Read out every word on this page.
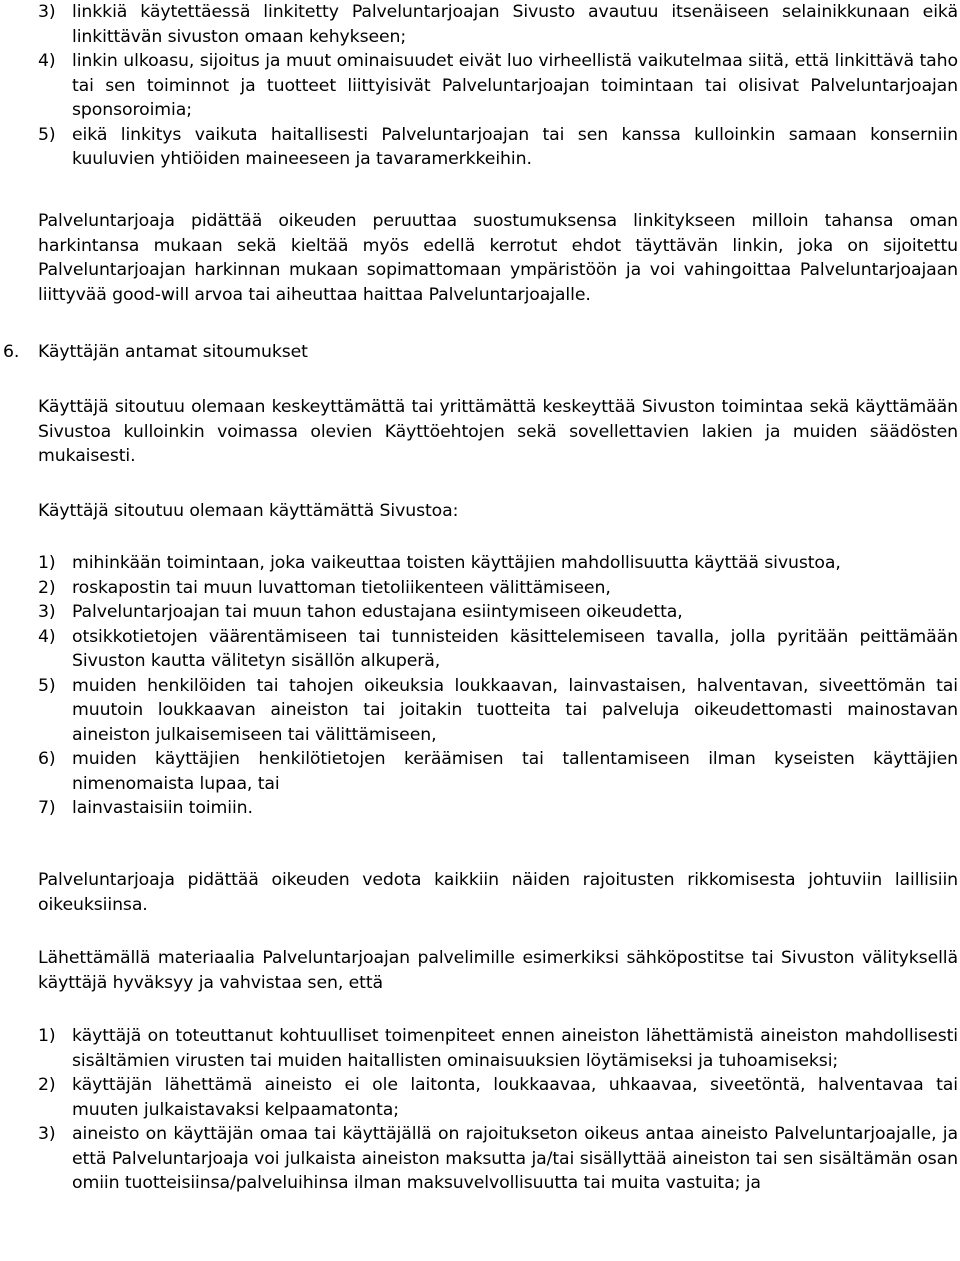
3) linkkiä käytettäessä linkitetty Palveluntarjoajan Sivusto avautuu itsenäiseen selainikkunaan eikä linkittävän sivuston omaan kehykseen;
4) linkin ulkoasu, sijoitus ja muut ominaisuudet eivät luo virheellistä vaikutelmaa siitä, että linkittävä taho tai sen toiminnot ja tuotteet liittyisivät Palveluntarjoajan toimintaan tai olisivat Palveluntarjoajan sponsoroimia;
5) eikä linkitys vaikuta haitallisesti Palveluntarjoajan tai sen kanssa kulloinkin samaan konserniin kuuluvien yhtiöiden maineeseen ja tavaramerkkeihin.

Palveluntarjoaja pidättää oikeuden peruuttaa suostumuksensa linkitykseen milloin tahansa oman harkintansa mukaan sekä kieltää myös edellä kerrotut ehdot täyttävän linkin, joka on sijoitettu Palveluntarjoajan harkinnan mukaan sopimattomaan ympäristöön ja voi vahingoittaa Palveluntarjoajaan liittyvää good-will arvoa tai aiheuttaa haittaa Palveluntarjoajalle.

6. Käyttäjän antamat sitoumukset

Käyttäjä sitoutuu olemaan keskeyttämättä tai yrittämättä keskeyttää Sivuston toimintaa sekä käyttämään Sivustoa kulloinkin voimassa olevien Käyttöehtojen sekä sovellettavien lakien ja muiden säädösten mukaisesti.

Käyttäjä sitoutuu olemaan käyttämättä Sivustoa:

1) mihinkään toimintaan, joka vaikeuttaa toisten käyttäjien mahdollisuutta käyttää sivustoa,
2) roskapostin tai muun luvattoman tietoliikenteen välittämiseen,
3) Palveluntarjoajan tai muun tahon edustajana esiintymiseen oikeudetta,
4) otsikkotietojen väärentämiseen tai tunnisteiden käsittelemiseen tavalla, jolla pyritään peittämään Sivuston kautta välitetyn sisällön alkuperä,
5) muiden henkilöiden tai tahojen oikeuksia loukkaavan, lainvastaisen, halventavan, siveettömän tai muutoin loukkaavan aineiston tai joitakin tuotteita tai palveluja oikeudettomasti mainostavan aineiston julkaisemiseen tai välittämiseen,
6) muiden käyttäjien henkilötietojen keräämisen tai tallentamiseen ilman kyseisten käyttäjien nimenomaista lupaa, tai
7) lainvastaisiin toimiin.

Palveluntarjoaja pidättää oikeuden vedota kaikkiin näiden rajoitusten rikkomisesta johtuviin laillisiin oikeuksiinsa.

Lähettämällä materiaalia Palveluntarjoajan palvelimille esimerkiksi sähköpostitse tai Sivuston välityksellä käyttäjä hyväksyy ja vahvistaa sen, että

1) käyttäjä on toteuttanut kohtuulliset toimenpiteet ennen aineiston lähettämistä aineiston mahdollisesti sisältämien virusten tai muiden haitallisten ominaisuuksien löytämiseksi ja tuhoamiseksi;
2) käyttäjän lähettämä aineisto ei ole laitonta, loukkaavaa, uhkaavaa, siveetöntä, halventavaa tai muuten julkaistavaksi kelpaamatonta;
3) aineisto on käyttäjän omaa tai käyttäjällä on rajoitukseton oikeus antaa aineisto Palveluntarjoajalle, ja että Palveluntarjoaja voi julkaista aineiston maksutta ja/tai sisällyttää aineiston tai sen sisältämän osan omiin tuotteisiinsa/palveluihinsa ilman maksuvelvollisuutta tai muita vastuita; ja
